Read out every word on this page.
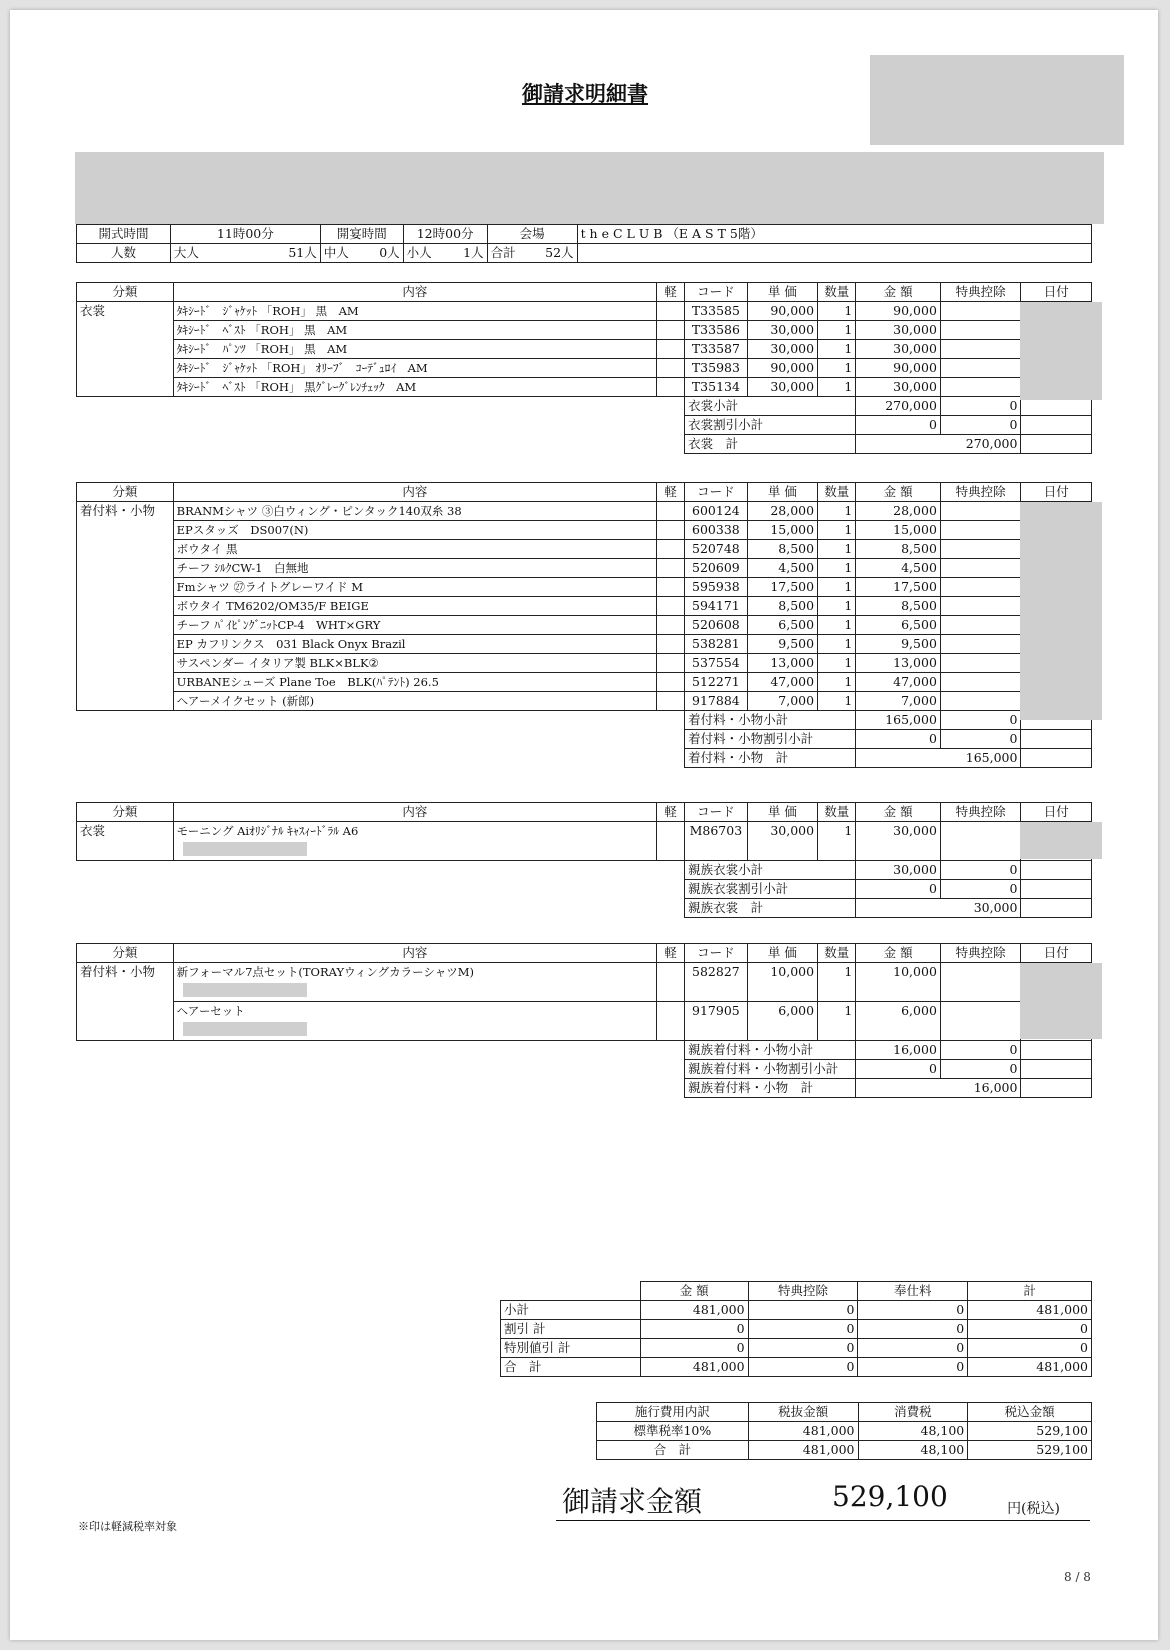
御請求明細書
開式時間	11時00分		開宴時間		12時00分		会場		t h e C L U B （E A S T 5階）
人数	大人	51人	中人	0人	小人	1人	合計	52人	
分類	内容	軽	コード	単 価	数量	金 額	特典控除	日付
衣裳	ﾀｷｼｰﾄﾞ　ｼﾞｬｹｯﾄ 「ROH」 黒　AM		T33585	90,000	1	90,000		

	ﾀｷｼｰﾄﾞ　ﾍﾞｽﾄ 「ROH」 黒　AM		T33586	30,000	1	30,000		

	ﾀｷｼｰﾄﾞ　ﾊﾟﾝﾂ 「ROH」 黒　AM		T33587	30,000	1	30,000		

	ﾀｷｼｰﾄﾞ　ｼﾞｬｹｯﾄ 「ROH」 ｵﾘｰﾌﾞ　ｺｰﾃﾞｭﾛｲ　AM		T35983	90,000	1	90,000		

	ﾀｷｼｰﾄﾞ　ﾍﾞｽﾄ 「ROH」 黒ｸﾞﾚｰｸﾞﾚﾝﾁｪｯｸ　AM		T35134	30,000	1	30,000		
			衣裳小計			270,000	0	
			衣裳割引小計			0	0	
			衣裳　計			270,000		
分類	内容	軽	コード	単 価	数量	金 額	特典控除	日付
着付料・小物	BRANMシャツ ③白ウィング・ピンタック140双糸 38		600124	28,000	1	28,000		

	EPスタッズ　DS007(N)		600338	15,000	1	15,000		

	ボウタイ 黒		520748	8,500	1	8,500		

	チーフ ｼﾙｸCW-1　白無地		520609	4,500	1	4,500		

	Fmシャツ ㉗ライトグレーワイド M		595938	17,500	1	17,500		

	ボウタイ TM6202/OM35/F BEIGE		594171	8,500	1	8,500		

	チーフ ﾊﾟｲﾋﾟﾝｸﾞﾆｯﾄCP-4　WHT×GRY		520608	6,500	1	6,500		

	EP カフリンクス　031 Black Onyx Brazil		538281	9,500	1	9,500		

	サスペンダー イタリア製 BLK×BLK②		537554	13,000	1	13,000		

	URBANEシューズ Plane Toe　BLK(ﾊﾟﾃﾝﾄ) 26.5		512271	47,000	1	47,000		

	ヘアーメイクセット (新郎)		917884	7,000	1	7,000		
			着付料・小物小計			165,000	0	
			着付料・小物割引小計			0	0	
			着付料・小物　計			165,000		
分類	内容	軽	コード	単 価	数量	金 額	特典控除	日付
衣裳	モーニング Aiｵﾘｼﾞﾅﾙ ｷｬｽｨｰﾄﾞﾗﾙ A6		M86703	30,000	1	30,000		
			親族衣裳小計			30,000	0	
			親族衣裳割引小計			0	0	
			親族衣裳　計			30,000		
分類	内容	軽	コード	単 価	数量	金 額	特典控除	日付
着付料・小物	新フォーマル7点セット(TORAYウィングカラーシャツM)		582827	10,000	1	10,000		

	ヘアーセット		917905	6,000	1	6,000		
			親族着付料・小物小計			16,000	0	
			親族着付料・小物割引小計			0	0	
			親族着付料・小物　計			16,000		
	金 額	特典控除	奉仕料	計
小計	481,000	0	0	481,000
割引 計	0	0	0	0
特別値引 計	0	0	0	0
合　計	481,000	0	0	481,000
施行費用内訳	税抜金額	消費税	税込金額
標準税率10%	481,000	48,100	529,100
合　計	481,000	48,100	529,100
御請求金額	529,100	円(税込)
※印は軽減税率対象
8 / 8
